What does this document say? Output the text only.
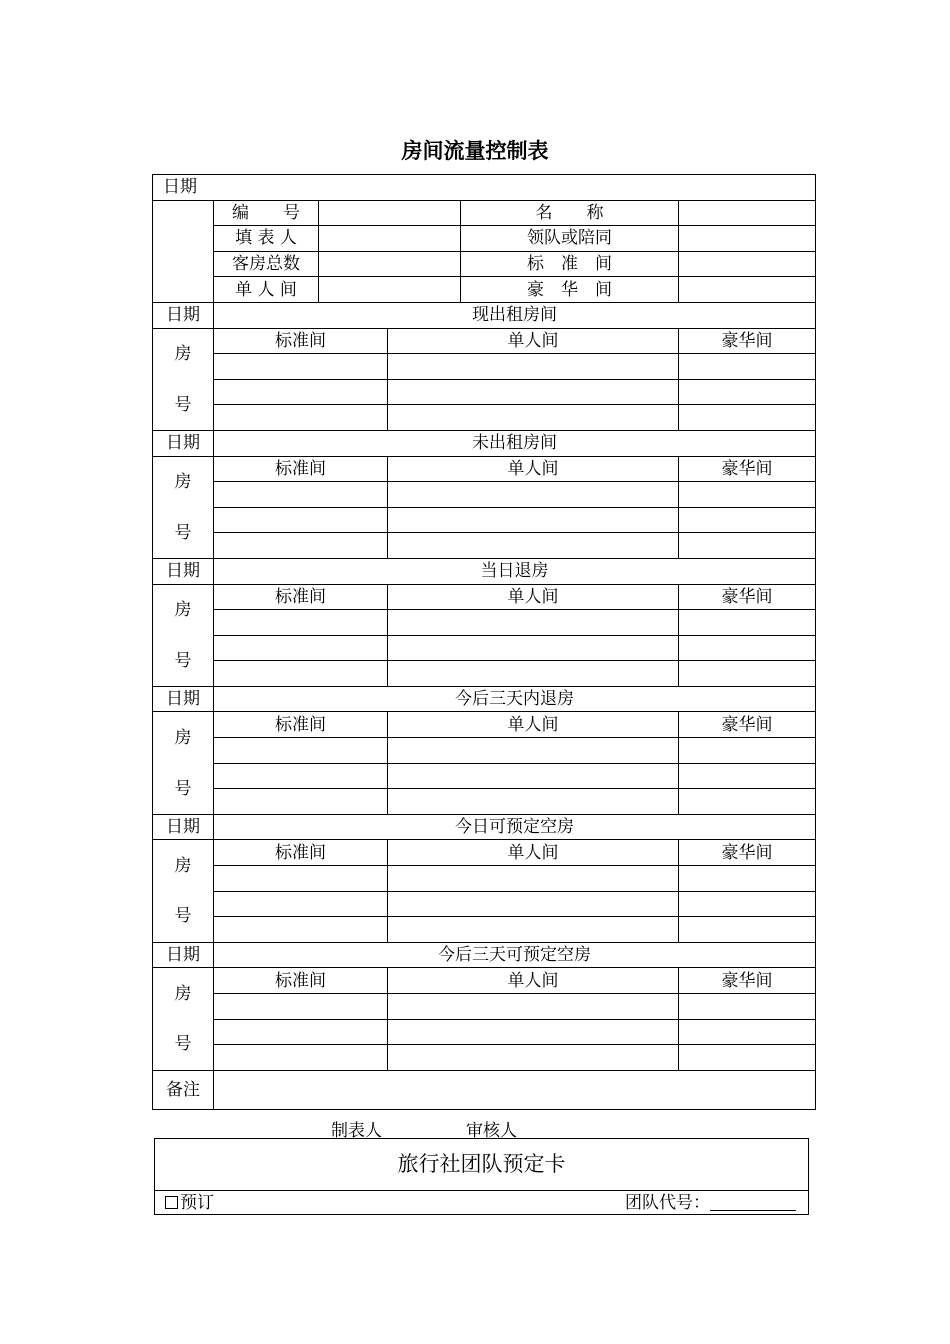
房间流量控制表
日期					
	编　　号			名　　称	
	填 表 人			领队或陪同	
	客房总数			标　准　间	
	单 人 间			豪　华　间	
日期	现出租房间				

房
号	标准间		单人间		豪华间

日期	未出租房间				

房
号	标准间		单人间		豪华间

日期	当日退房				

房
号	标准间		单人间		豪华间

日期	今后三天内退房				

房
号	标准间		单人间		豪华间

日期	今日可预定空房				

房
号	标准间		单人间		豪华间

日期	今后三天可预定空房				

房
号	标准间		单人间		豪华间

备注					
制表人	审核人
旅行社团队预定卡
预订	团队代号：
